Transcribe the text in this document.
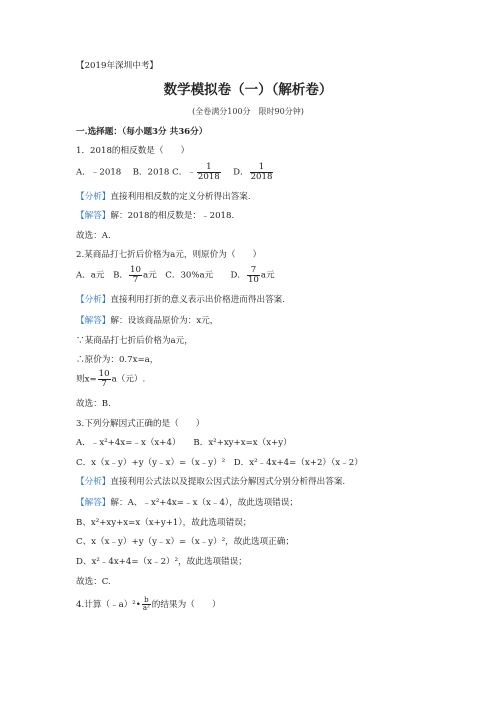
【2019年深圳中考】
数学模拟卷（一）（解析卷）
(全卷满分100分　限时90分钟)
一.选择题：（每小题3分 共36分）
1．2018的相反数是（　　）
A．﹣2018　 B．2018 C．﹣ $\frac{1}{2018}$
　 D． $\frac{1}{2018}$
【分析】直接利用相反数的定义分析得出答案.
【解答】解：2018的相反数是：﹣2018.
故选：A.
2.某商品打七折后价格为a元，则原价为（　　）
A．a元　B． $\frac{10}{7}$ a元　C．30%a元　　D． $\frac{7}{10}$ a元
【分析】直接利用打折的意义表示出价格进而得出答案.
【解答】解：设该商品原价为：x元，
∵某商品打七折后价格为a元，
∴原价为：0.7x=a，
则$x= \frac{10}{7} a$（元）.
故选：B.
3.下列分解因式正确的是（　　）
A．﹣x²+4x=﹣x（x+4）　　B．x²+xy+x=x（x+y）
C．x（x﹣y）+y（y﹣x）=（x﹣y）²　D．x²﹣4x+4=（x+2）（x﹣2）
【分析】直接利用公式法以及提取公因式法分解因式分别分析得出答案.
【解答】解：A、﹣x²+4x=﹣x（x﹣4），故此选项错误；
B、x²+xy+x=x（x+y+1），故此选项错误；
C、x（x﹣y）+y（y﹣x）=（x﹣y）²，故此选项正确；
D、x²﹣4x+4=（x﹣2）²，故此选项错误；
故选：C.
4.计算（﹣a）²• $\frac{b}{\text{a²}}$ 的结果为（　　）
